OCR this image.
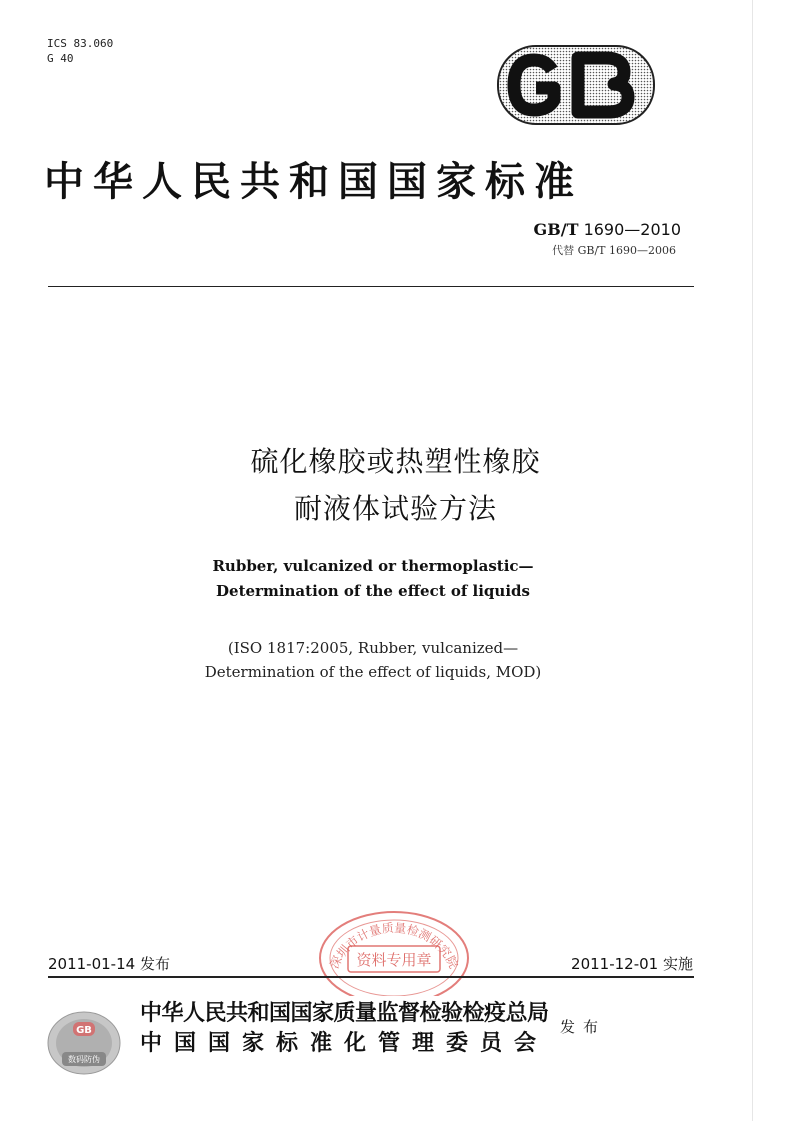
ICS 83.060
G 40
中华人民共和国国家标准
GB/T 1690—2010
代替 GB/T 1690—2006
硫化橡胶或热塑性橡胶
耐液体试验方法
Rubber, vulcanized or thermoplastic—
Determination of the effect of liquids
(ISO 1817:2005, Rubber, vulcanized—
Determination of the effect of liquids, MOD)
深圳市计量质量检测研究院
资料专用章
2011-01-14 发布	2011-12-01 实施
GB
数码防伪
中华人民共和国国家质量监督检验检疫总局
中国国家标准化管理委员会
发布
